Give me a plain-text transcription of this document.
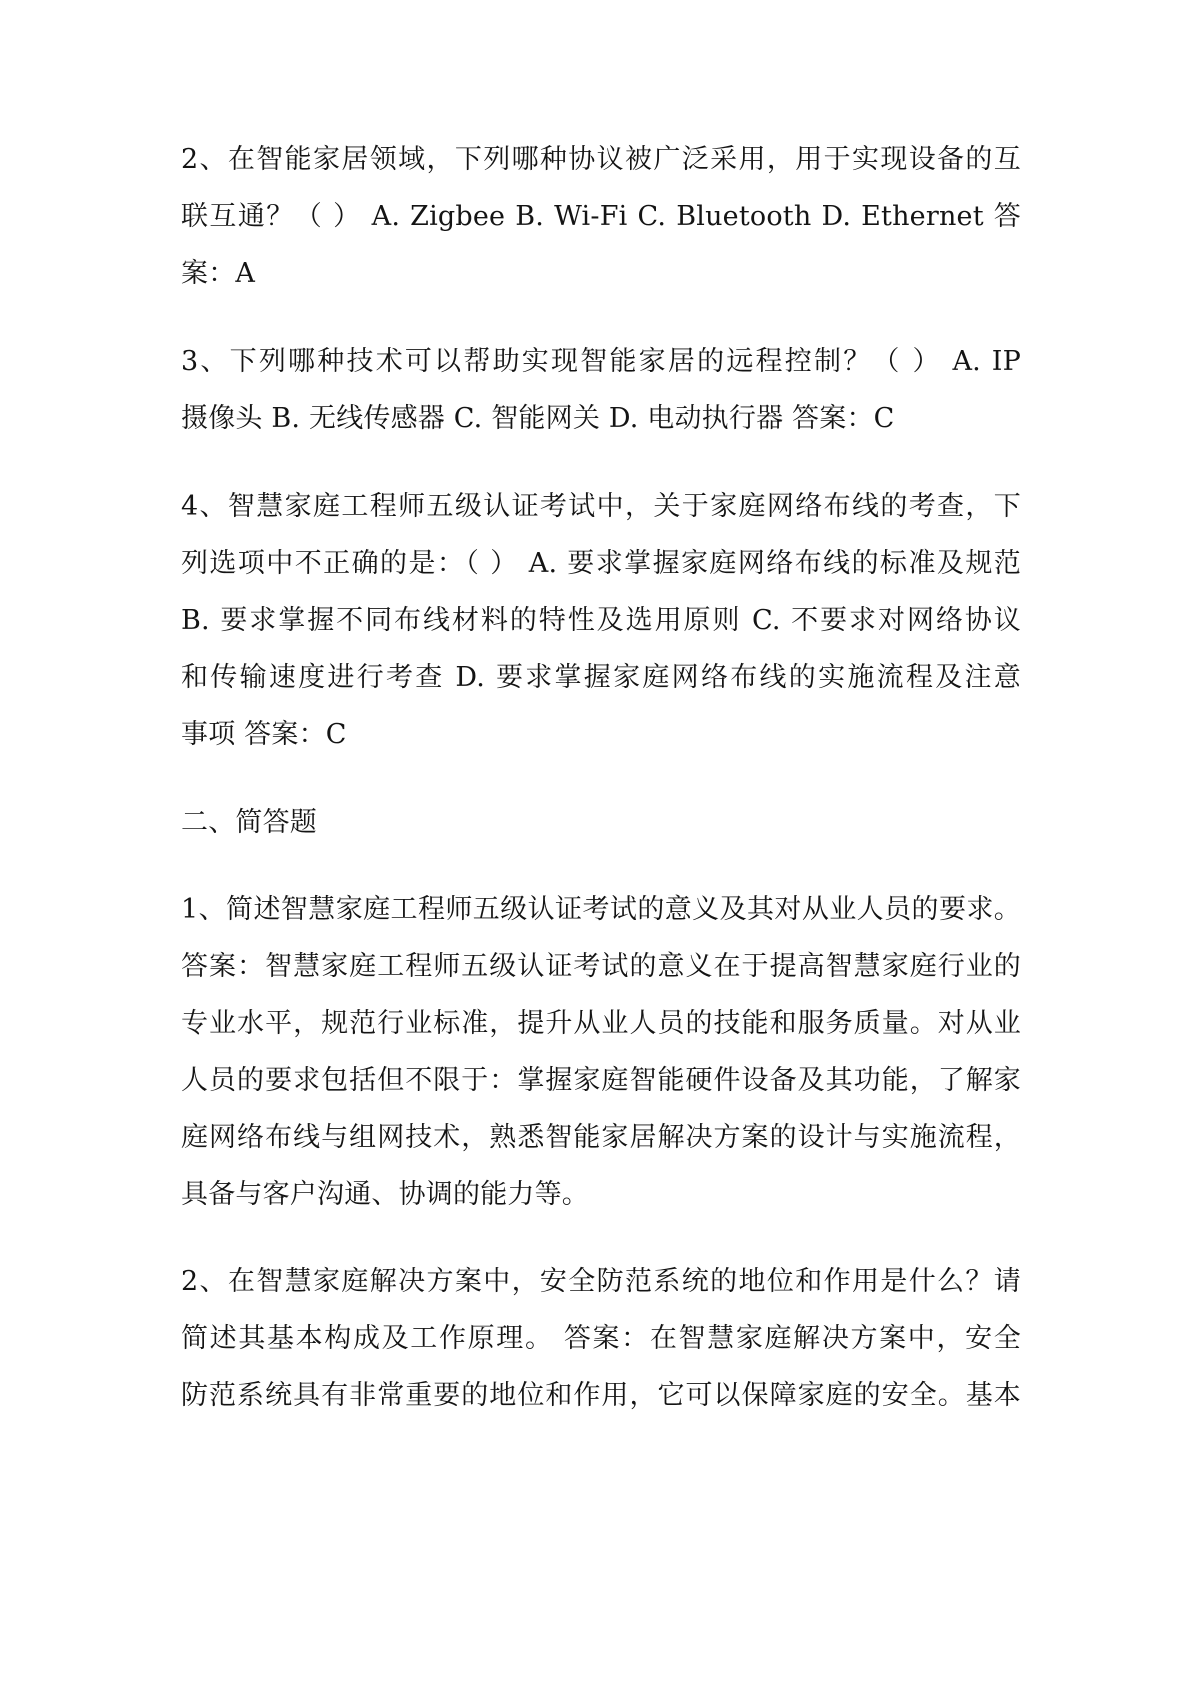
2、在智能家居领域，下列哪种协议被广泛采用，用于实现设备的互

联互通？（ ） A. Zigbee B. Wi-Fi C. Bluetooth D. Ethernet 答

案：A

3、下列哪种技术可以帮助实现智能家居的远程控制？（ ） A. IP

摄像头 B. 无线传感器 C. 智能网关 D. 电动执行器 答案：C

4、智慧家庭工程师五级认证考试中，关于家庭网络布线的考查，下

列选项中不正确的是：（ ） A. 要求掌握家庭网络布线的标准及规范

B. 要求掌握不同布线材料的特性及选用原则 C. 不要求对网络协议

和传输速度进行考查 D. 要求掌握家庭网络布线的实施流程及注意

事项 答案：C

二、简答题

1、简述智慧家庭工程师五级认证考试的意义及其对从业人员的要求。

答案：智慧家庭工程师五级认证考试的意义在于提高智慧家庭行业的

专业水平，规范行业标准，提升从业人员的技能和服务质量。对从业

人员的要求包括但不限于：掌握家庭智能硬件设备及其功能，了解家

庭网络布线与组网技术，熟悉智能家居解决方案的设计与实施流程，

具备与客户沟通、协调的能力等。

2、在智慧家庭解决方案中，安全防范系统的地位和作用是什么？请

简述其基本构成及工作原理。 答案：在智慧家庭解决方案中，安全

防范系统具有非常重要的地位和作用，它可以保障家庭的安全。基本
